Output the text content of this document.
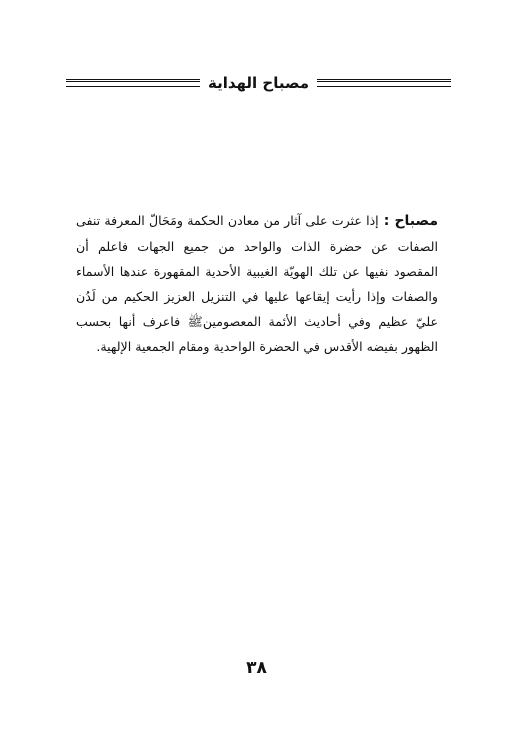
مصباح الهداية
مصباح : إذا عثرت على آثار من معادن الحكمة ومَحَالّ المعرفة تنفى الصفات عن حضرة الذات والواحد من جميع الجهات فاعلم أن المقصود نفيها عن تلك الهويّة الغيبية الأحدية المقهورة عندها الأسماء والصفات وإذا رأيت إيقاعها عليها في التنزيل العزيز الحكيم من لَدُن عليّ عظيم وفي أحاديث الأئمة المعصومينﷺ فاعرف أنها بحسب الظهور بفيضه الأقدس في الحضرة الواحدية ومقام الجمعية الإلهية.
٣٨
